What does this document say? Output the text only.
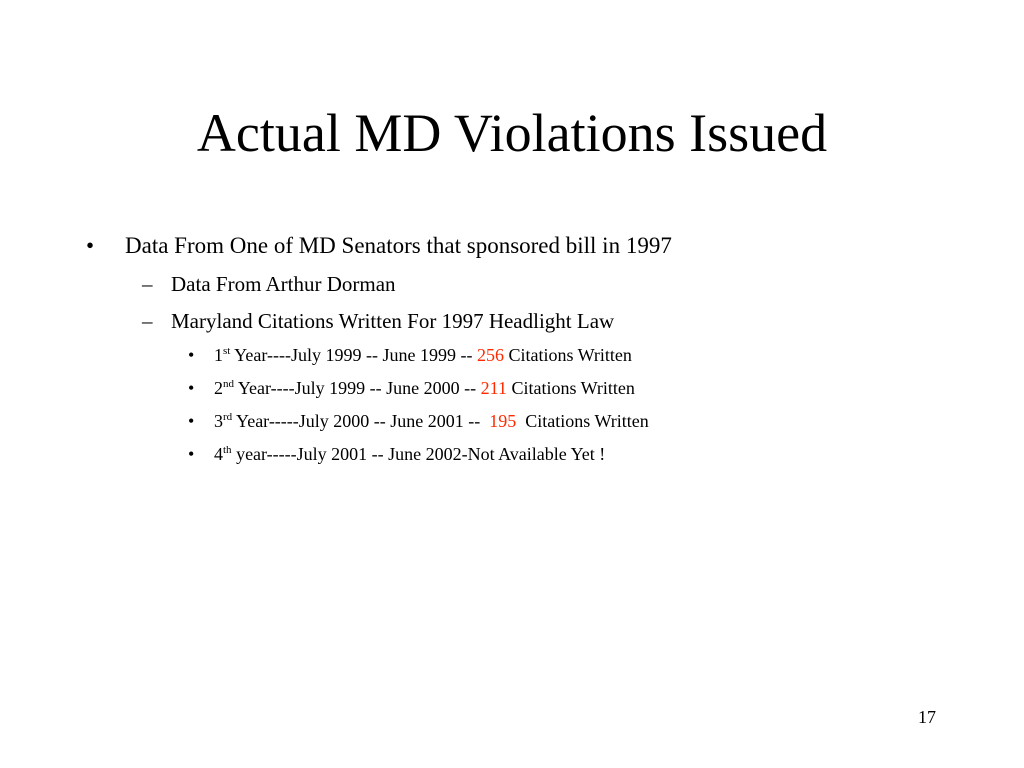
Actual MD Violations Issued
• Data From One of MD Senators that sponsored bill in 1997
– Data From Arthur Dorman
– Maryland Citations Written For 1997 Headlight Law
• 1st Year----July 1999 -- June 1999 -- 256 Citations Written
• 2nd Year----July 1999 -- June 2000 -- 211 Citations Written
• 3rd Year-----July 2000 -- June 2001 --  195  Citations Written
• 4th year-----July 2001 -- June 2002-Not Available Yet !
17
